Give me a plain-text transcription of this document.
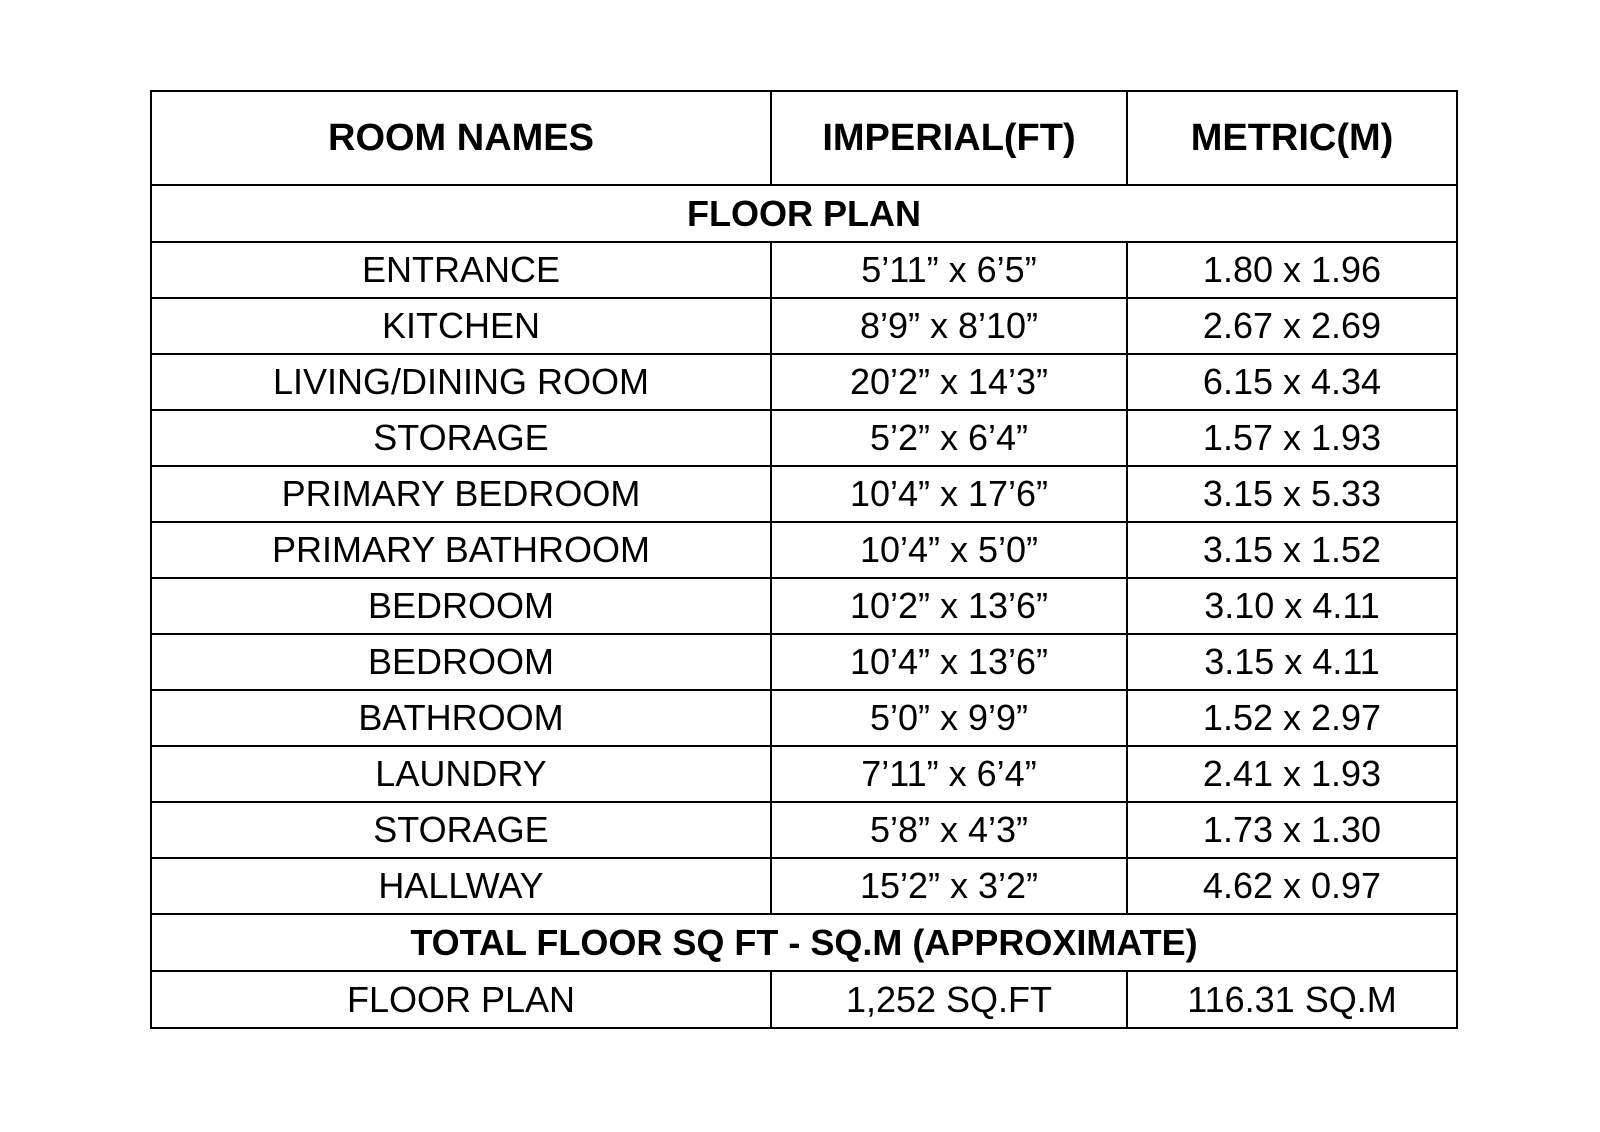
ROOM NAMES	IMPERIAL(FT)	METRIC(M)
FLOOR PLAN		
ENTRANCE	5’11” x 6’5”	1.80 x 1.96
KITCHEN	8’9” x 8’10”	2.67 x 2.69
LIVING/DINING ROOM	20’2” x 14’3”	6.15 x 4.34
STORAGE	5’2” x 6’4”	1.57 x 1.93
PRIMARY BEDROOM	10’4” x 17’6”	3.15 x 5.33
PRIMARY BATHROOM	10’4” x 5’0”	3.15 x 1.52
BEDROOM	10’2” x 13’6”	3.10 x 4.11
BEDROOM	10’4” x 13’6”	3.15 x 4.11
BATHROOM	5’0” x 9’9”	1.52 x 2.97
LAUNDRY	7’11” x 6’4”	2.41 x 1.93
STORAGE	5’8” x 4’3”	1.73 x 1.30
HALLWAY	15’2” x 3’2”	4.62 x 0.97
TOTAL FLOOR SQ FT - SQ.M (APPROXIMATE)		
FLOOR PLAN	1,252 SQ.FT	116.31 SQ.M
